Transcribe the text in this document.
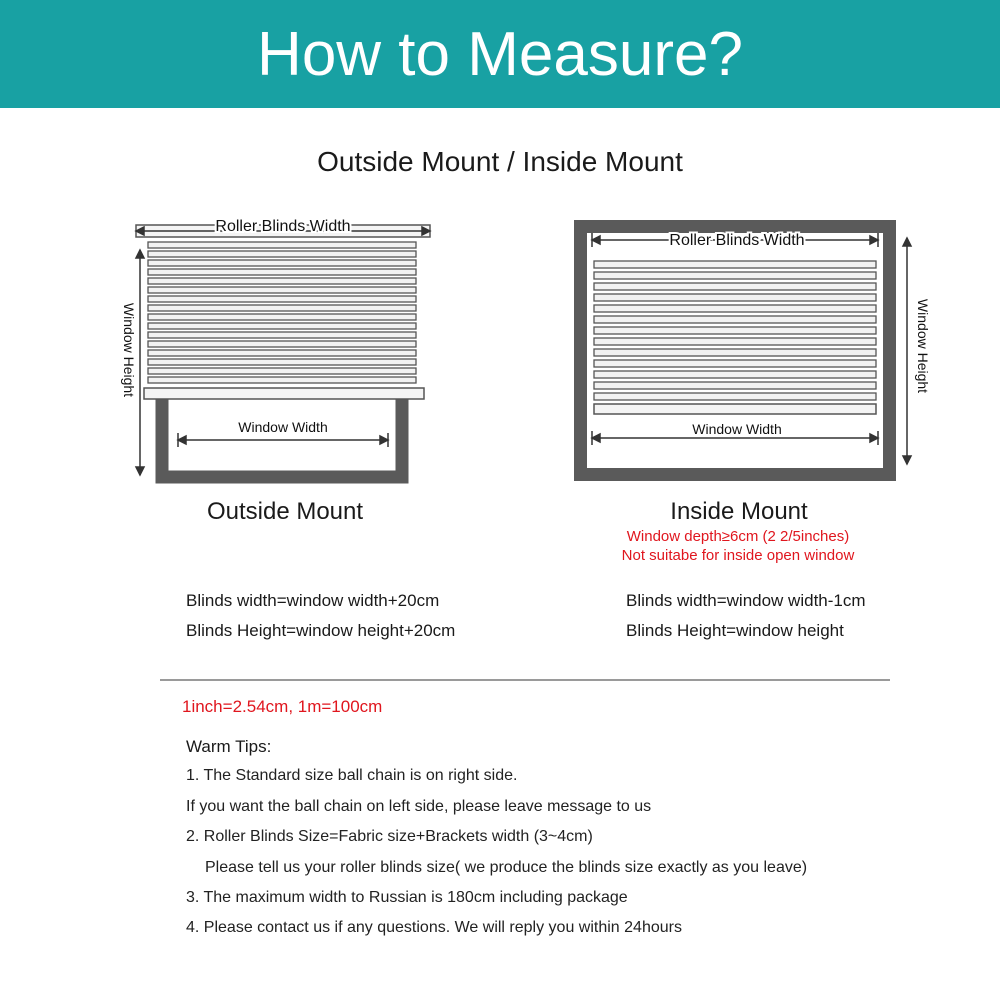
How to Measure?
Outside Mount / Inside Mount
Roller Blinds Width
Window Width
Window Height
Roller Blinds Width
Window Width
Window Height
Outside Mount	Inside Mount
Window depth≥6cm (2 2/5inches)
Not suitabe for inside open window
Blinds width=window width+20cm
Blinds Height=window height+20cm
Blinds width=window width-1cm
Blinds Height=window height
1inch=2.54cm, 1m=100cm
Warm Tips:
1. The Standard size ball chain is on right side.
If you want the ball chain on left side, please leave message to us
2. Roller Blinds Size=Fabric size+Brackets width (3~4cm)
Please tell us your roller blinds size( we produce the blinds size exactly as you leave)
3. The maximum width to Russian is 180cm including package
4. Please contact us if any questions. We will reply you within 24hours
